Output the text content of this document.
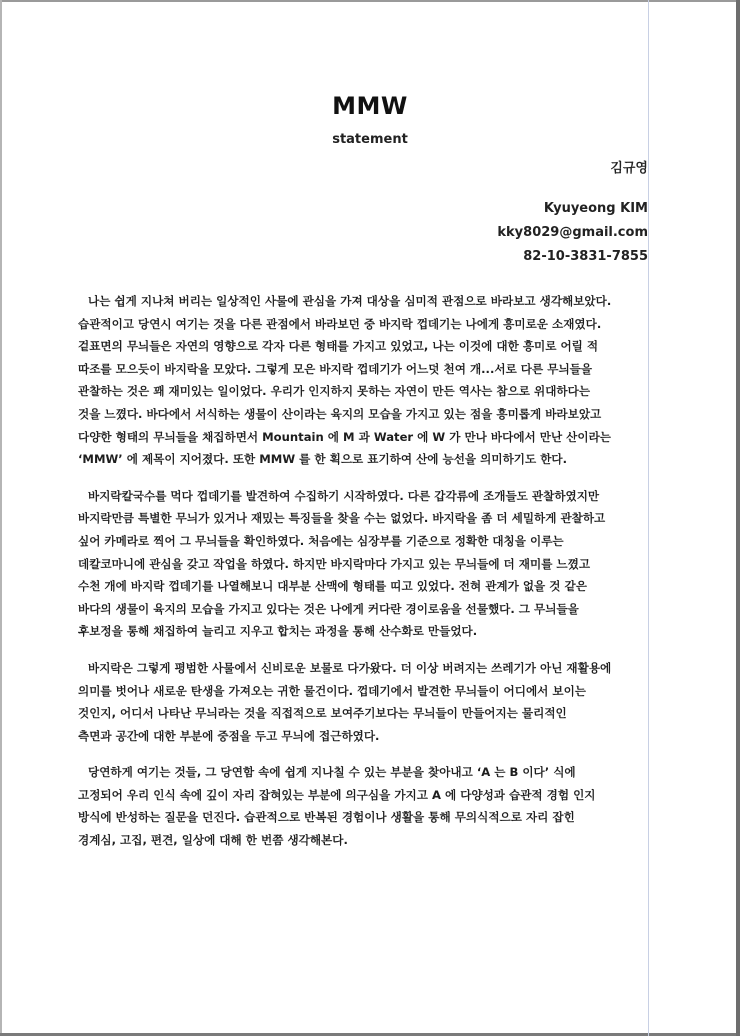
MMW
statement
김규영
Kyuyeong KIM
kky8029@gmail.com
82-10-3831-7855

나는 쉽게 지나쳐 버리는 일상적인 사물에 관심을 가져 대상을 심미적 관점으로 바라보고 생각해보았다.
습관적이고 당연시 여기는 것을 다른 관점에서 바라보던 중 바지락 껍데기는 나에게 흥미로운 소재였다.
겉표면의 무늬들은 자연의 영향으로 각자 다른 형태를 가지고 있었고, 나는 이것에 대한 흥미로 어릴 적
따조를 모으듯이 바지락을 모았다. 그렇게 모은 바지락 껍데기가 어느덧 천여 개...서로 다른 무늬들을
관찰하는 것은 꽤 재미있는 일이었다. 우리가 인지하지 못하는 자연이 만든 역사는 참으로 위대하다는
것을 느꼈다. 바다에서 서식하는 생물이 산이라는 육지의 모습을 가지고 있는 점을 흥미롭게 바라보았고
다양한 형태의 무늬들을 채집하면서 Mountain 에 M 과 Water 에 W 가 만나 바다에서 만난 산이라는
‘MMW’ 에 제목이 지어졌다. 또한 MMW 를 한 획으로 표기하여 산에 능선을 의미하기도 한다.

바지락칼국수를 먹다 껍데기를 발견하여 수집하기 시작하였다. 다른 갑각류에 조개들도 관찰하였지만
바지락만큼 특별한 무늬가 있거나 재밌는 특징들을 찾을 수는 없었다. 바지락을 좀 더 세밀하게 관찰하고
싶어 카메라로 찍어 그 무늬들을 확인하였다. 처음에는 심장부를 기준으로 정확한 대칭을 이루는
데칼코마니에 관심을 갖고 작업을 하였다. 하지만 바지락마다 가지고 있는 무늬들에 더 재미를 느꼈고
수천 개에 바지락 껍데기를 나열해보니 대부분 산맥에 형태를 띠고 있었다. 전혀 관계가 없을 것 같은
바다의 생물이 육지의 모습을 가지고 있다는 것은 나에게 커다란 경이로움을 선물했다. 그 무늬들을
후보정을 통해 채집하여 늘리고 지우고 합치는 과정을 통해 산수화로 만들었다.

바지락은 그렇게 평범한 사물에서 신비로운 보물로 다가왔다. 더 이상 버려지는 쓰레기가 아닌 재활용에
의미를 벗어나 새로운 탄생을 가져오는 귀한 물건이다. 껍데기에서 발견한 무늬들이 어디에서 보이는
것인지, 어디서 나타난 무늬라는 것을 직접적으로 보여주기보다는 무늬들이 만들어지는 물리적인
측면과 공간에 대한 부분에 중점을 두고 무늬에 접근하였다.

당연하게 여기는 것들, 그 당연함 속에 쉽게 지나칠 수 있는 부분을 찾아내고 ‘A 는 B 이다’ 식에
고정되어 우리 인식 속에 깊이 자리 잡혀있는 부분에 의구심을 가지고 A 에 다양성과 습관적 경험 인지
방식에 반성하는 질문을 던진다. 습관적으로 반복된 경험이나 생활을 통해 무의식적으로 자리 잡힌
경계심, 고집, 편견, 일상에 대해 한 번쯤 생각해본다.
